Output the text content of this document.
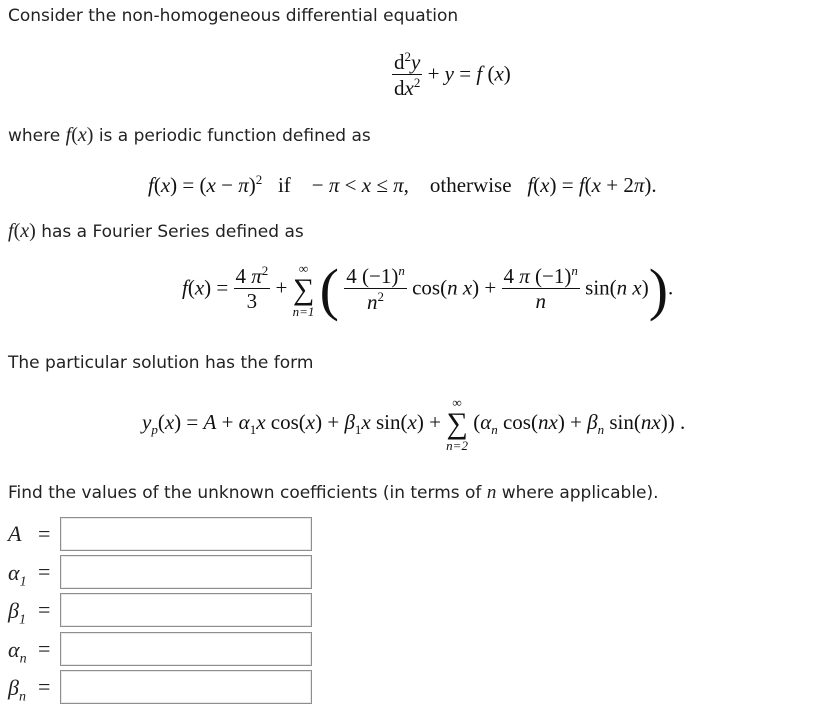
Consider the non-homogeneous differential equation
$\frac{d^2y}{dx^2} + y = f$ (x)
where f(x) is a periodic function defined as
$f(x) = (x - \pi)^2$   if    − π < x ≤ π,    otherwise   f(x) = f(x + 2π).
f(x) has a Fourier Series defined as
$f(x) = \frac{4 \pi^2}{3}$ +
∞
∑
n=1 ( $\frac{4 (-1)^n}{n^2} \cos(n$ $x) + \frac{4 \pi (-1)^n}{n} \sin(n$ x)).
The particular solution has the form
$y_p(x) = A + \alpha_1x$ $\cos(x) + \beta_1x$ sin(x) +
∞
∑
n=2
($\alpha_n$ $\cos(nx) + \beta_n$ sin(nx)) .
Find the values of the unknown coefficients (in terms of n where applicable).
A =
$\alpha_1$ =
$\beta_1$ =
$\alpha_n$ =
$\beta_n$ =
